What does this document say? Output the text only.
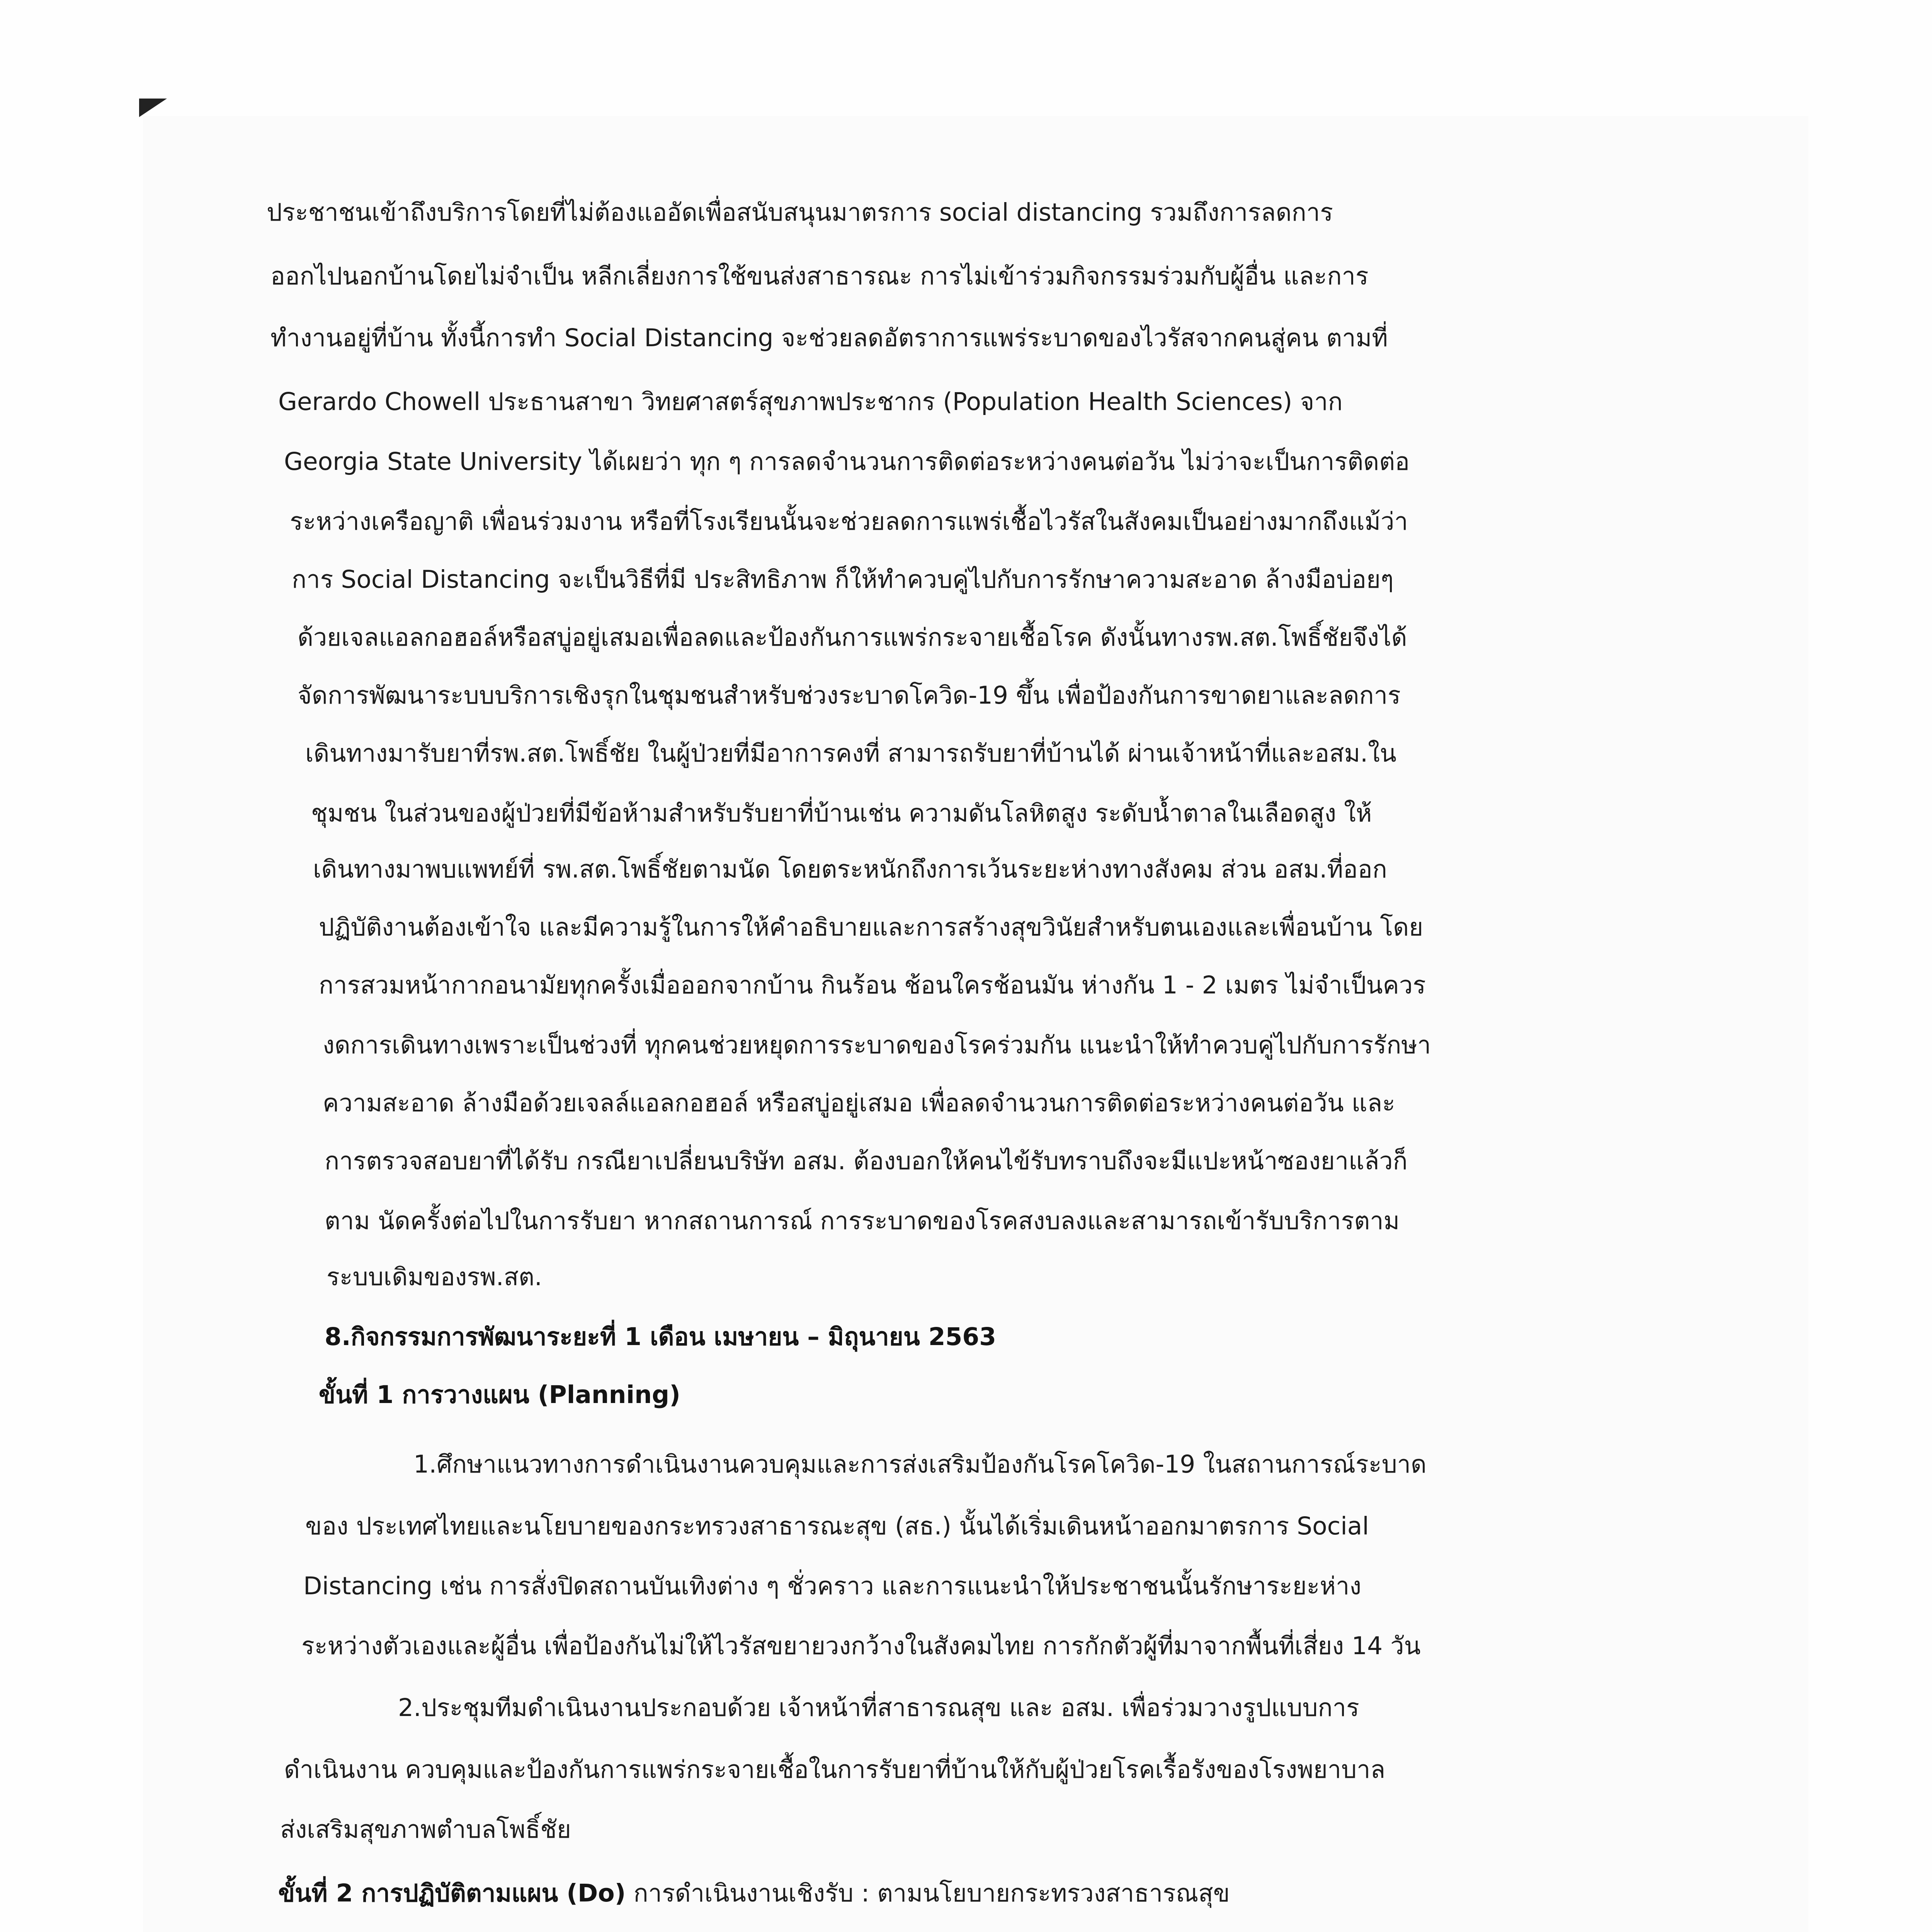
ประชาชนเข้าถึงบริการโดยที่ไม่ต้องแออัดเพื่อสนับสนุนมาตรการ social distancing รวมถึงการลดการ
ออกไปนอกบ้านโดยไม่จำเป็น หลีกเลี่ยงการใช้ขนส่งสาธารณะ การไม่เข้าร่วมกิจกรรมร่วมกับผู้อื่น และการ
ทำงานอยู่ที่บ้าน ทั้งนี้การทำ Social Distancing จะช่วยลดอัตราการแพร่ระบาดของไวรัสจากคนสู่คน ตามที่
Gerardo Chowell ประธานสาขา วิทยศาสตร์สุขภาพประชากร (Population Health Sciences) จาก
Georgia State University ได้เผยว่า ทุก ๆ การลดจำนวนการติดต่อระหว่างคนต่อวัน ไม่ว่าจะเป็นการติดต่อ
ระหว่างเครือญาติ เพื่อนร่วมงาน หรือที่โรงเรียนนั้นจะช่วยลดการแพร่เชื้อไวรัสในสังคมเป็นอย่างมากถึงแม้ว่า
การ Social Distancing จะเป็นวิธีที่มี ประสิทธิภาพ ก็ให้ทำควบคู่ไปกับการรักษาความสะอาด ล้างมือบ่อยๆ
ด้วยเจลแอลกอฮอล์หรือสบู่อยู่เสมอเพื่อลดและป้องกันการแพร่กระจายเชื้อโรค ดังนั้นทางรพ.สต.โพธิ์ชัยจึงได้
จัดการพัฒนาระบบบริการเชิงรุกในชุมชนสำหรับช่วงระบาดโควิด-19 ขึ้น เพื่อป้องกันการขาดยาและลดการ
เดินทางมารับยาที่รพ.สต.โพธิ์ชัย ในผู้ป่วยที่มีอาการคงที่ สามารถรับยาที่บ้านได้ ผ่านเจ้าหน้าที่และอสม.ใน
ชุมชน ในส่วนของผู้ป่วยที่มีข้อห้ามสำหรับรับยาที่บ้านเช่น ความดันโลหิตสูง ระดับน้ำตาลในเลือดสูง ให้
เดินทางมาพบแพทย์ที่ รพ.สต.โพธิ์ชัยตามนัด โดยตระหนักถึงการเว้นระยะห่างทางสังคม ส่วน อสม.ที่ออก
ปฏิบัติงานต้องเข้าใจ และมีความรู้ในการให้คำอธิบายและการสร้างสุขวินัยสำหรับตนเองและเพื่อนบ้าน โดย
การสวมหน้ากากอนามัยทุกครั้งเมื่อออกจากบ้าน กินร้อน ช้อนใครช้อนมัน ห่างกัน 1 - 2 เมตร ไม่จำเป็นควร
งดการเดินทางเพราะเป็นช่วงที่ ทุกคนช่วยหยุดการระบาดของโรคร่วมกัน แนะนำให้ทำควบคู่ไปกับการรักษา
ความสะอาด ล้างมือด้วยเจลล์แอลกอฮอล์ หรือสบู่อยู่เสมอ เพื่อลดจำนวนการติดต่อระหว่างคนต่อวัน และ
การตรวจสอบยาที่ได้รับ กรณียาเปลี่ยนบริษัท อสม. ต้องบอกให้คนไข้รับทราบถึงจะมีแปะหน้าซองยาแล้วก็
ตาม นัดครั้งต่อไปในการรับยา หากสถานการณ์ การระบาดของโรคสงบลงและสามารถเข้ารับบริการตาม
ระบบเดิมของรพ.สต.
8.กิจกรรมการพัฒนาระยะที่ 1 เดือน เมษายน – มิถุนายน 2563
ขั้นที่ 1 การวางแผน (Planning)
1.ศึกษาแนวทางการดำเนินงานควบคุมและการส่งเสริมป้องกันโรคโควิด-19 ในสถานการณ์ระบาด
ของ ประเทศไทยและนโยบายของกระทรวงสาธารณะสุข (สธ.) นั้นได้เริ่มเดินหน้าออกมาตรการ Social
Distancing เช่น การสั่งปิดสถานบันเทิงต่าง ๆ ชั่วคราว และการแนะนำให้ประชาชนนั้นรักษาระยะห่าง
ระหว่างตัวเองและผู้อื่น เพื่อป้องกันไม่ให้ไวรัสขยายวงกว้างในสังคมไทย การกักตัวผู้ที่มาจากพื้นที่เสี่ยง 14 วัน
2.ประชุมทีมดำเนินงานประกอบด้วย เจ้าหน้าที่สาธารณสุข และ อสม. เพื่อร่วมวางรูปแบบการ
ดำเนินงาน ควบคุมและป้องกันการแพร่กระจายเชื้อในการรับยาที่บ้านให้กับผู้ป่วยโรคเรื้อรังของโรงพยาบาล
ส่งเสริมสุขภาพตำบลโพธิ์ชัย
ขั้นที่ 2 การปฏิบัติตามแผน (Do) การดำเนินงานเชิงรับ : ตามนโยบายกระทรวงสาธารณสุข
